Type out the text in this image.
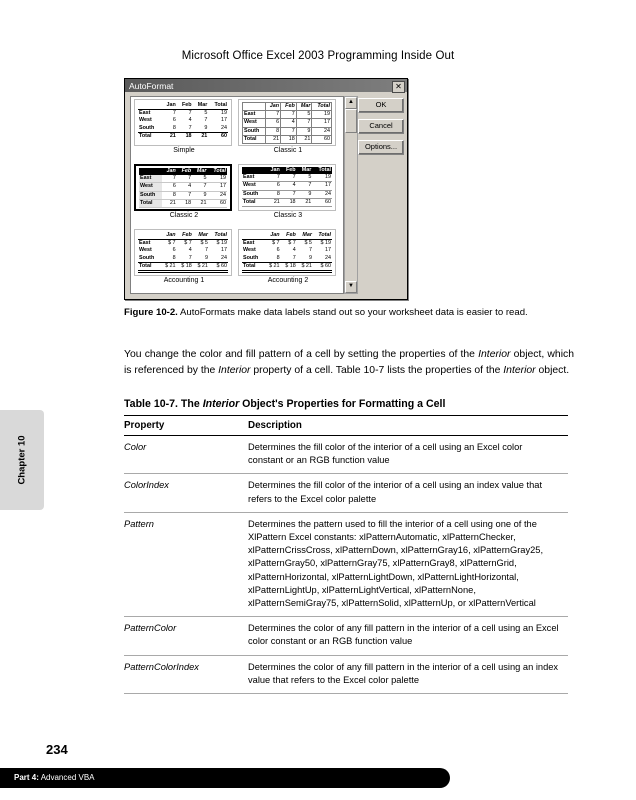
Microsoft Office Excel 2003 Programming Inside Out
AutoFormat	✕
	Jan	Feb	Mar	Total
East	7	7	5	19
West	6	4	7	17
South	8	7	9	24
Total	21	18	21	60
Simple
	Jan	Feb	Mar	Total
East	7	7	5	19
West	6	4	7	17
South	8	7	9	24
Total	21	18	21	60
Classic 1
	Jan	Feb	Mar	Total
East	7	7	5	19
West	6	4	7	17
South	8	7	9	24
Total	21	18	21	60
Classic 2
	Jan	Feb	Mar	Total
East	7	7	5	19
West	6	4	7	17
South	8	7	9	24
Total	21	18	21	60
Classic 3
	Jan	Feb	Mar	Total
East	$ 7	$ 7	$ 5	$ 19
West	6	4	7	17
South	8	7	9	24
Total	$ 21	$ 18	$ 21	$ 60
Accounting 1
	Jan	Feb	Mar	Total
East	$ 7	$ 7	$ 5	$ 19
West	6	4	7	17
South	8	7	9	24
Total	$ 21	$ 18	$ 21	$ 60
Accounting 2
▲
▼
OK
Cancel
Options...
Figure 10-2. AutoFormats make data labels stand out so your worksheet data is easier to read.
You change the color and fill pattern of a cell by setting the properties of the Interior object, which is referenced by the Interior property of a cell. Table 10-7 lists the properties of the Interior object.
Table 10-7. The Interior Object's Properties for Formatting a Cell
Property	Description
Color	Determines the fill color of the interior of a cell using an Excel color constant or an RGB function value
ColorIndex	Determines the fill color of the interior of a cell using an index value that refers to the Excel color palette
Pattern	Determines the pattern used to fill the interior of a cell using one of the XlPattern Excel constants: xlPatternAutomatic, xlPatternChecker, xlPatternCrissCross, xlPatternDown, xlPatternGray16, xlPatternGray25, xlPatternGray50, xlPatternGray75, xlPatternGray8, xlPatternGrid, xlPatternHorizontal, xlPatternLightDown, xlPatternLightHorizontal, xlPatternLightUp, xlPatternLightVertical, xlPatternNone, xlPatternSemiGray75, xlPatternSolid, xlPatternUp, or xlPatternVertical
PatternColor	Determines the color of any fill pattern in the interior of a cell using an Excel color constant or an RGB function value
PatternColorIndex	Determines the color of any fill pattern in the interior of a cell using an index value that refers to the Excel color palette
Chapter 10
234
Part 4: Advanced VBA
